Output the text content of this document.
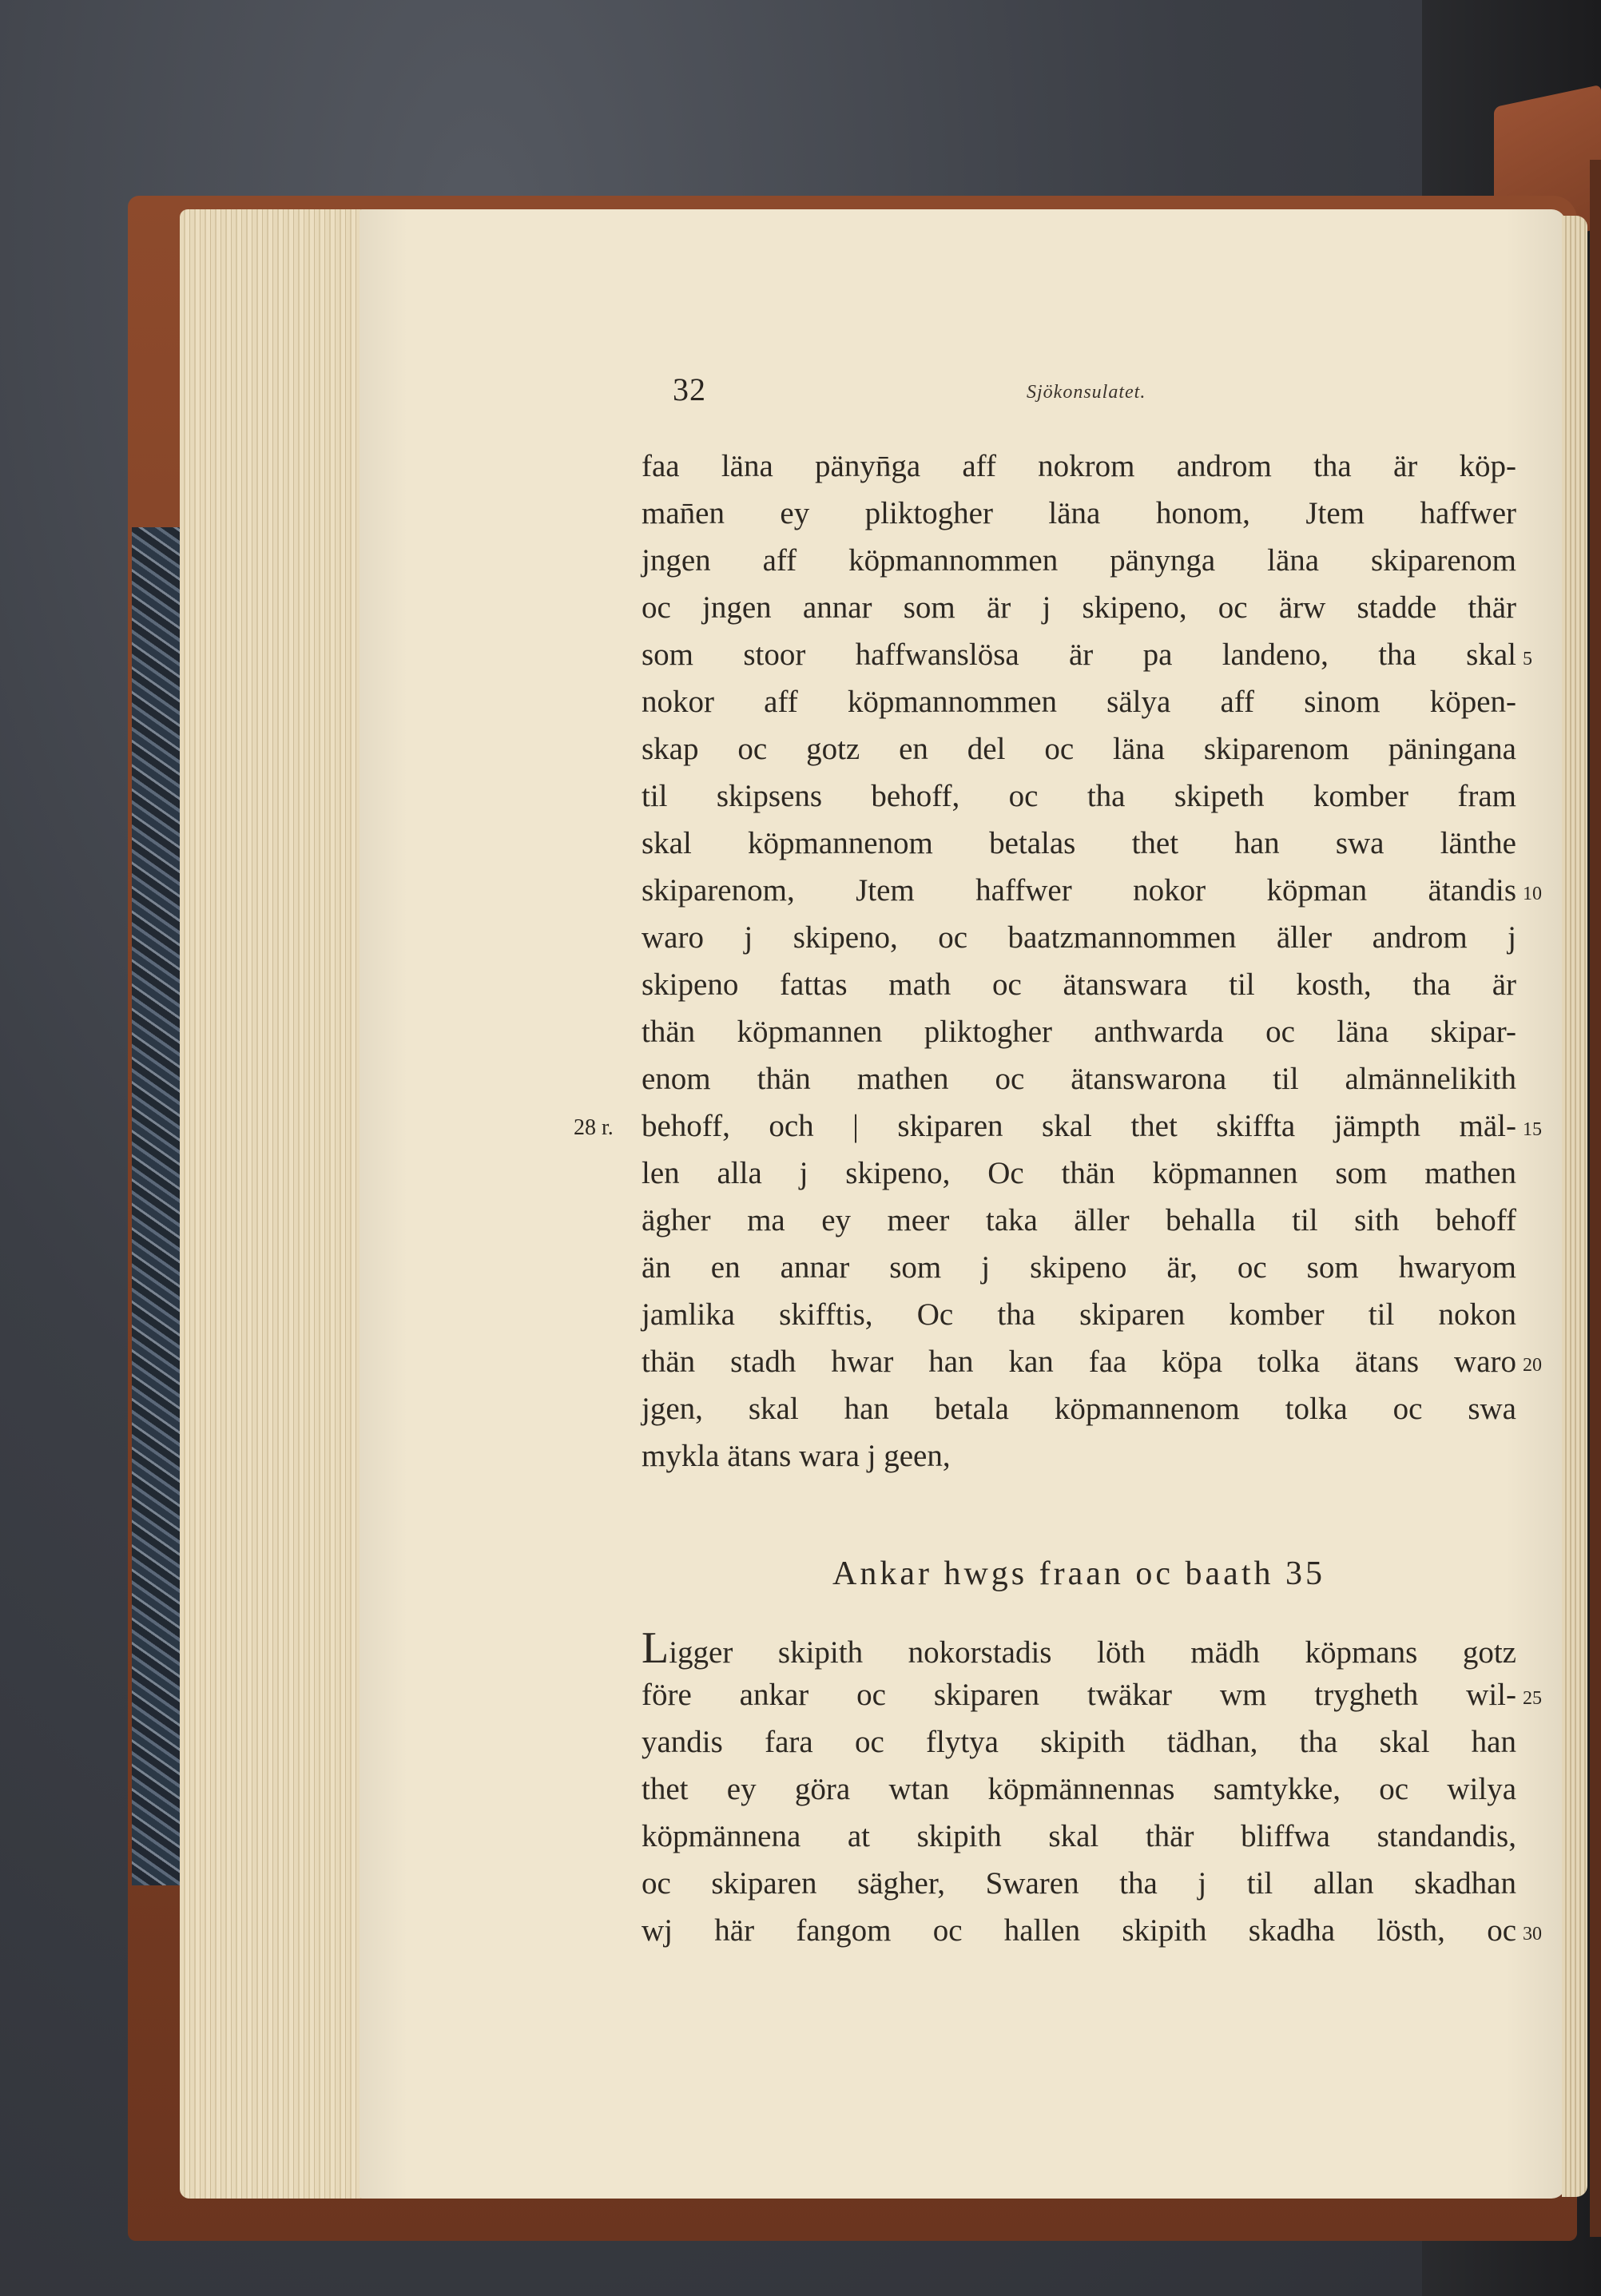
32	Sjökonsulatet.
faa läna pänyn̄ga aff nokrom androm tha är köp-
man̄en ey pliktogher läna honom, Jtem haffwer
jngen aff köpmannommen pänynga läna skiparenom
oc jngen annar som är j skipeno, oc ärw stadde thär
som stoor haffwanslösa är pa landeno, tha skal
nokor aff köpmannommen sälya aff sinom köpen-
skap oc gotz en del oc läna skiparenom päningana
til skipsens behoff, oc tha skipeth komber fram
skal köpmannenom betalas thet han swa länthe
skiparenom, Jtem haffwer nokor köpman ätandis
waro j skipeno, oc baatzmannommen äller androm j
skipeno fattas math oc ätanswara til kosth, tha är
thän köpmannen pliktogher anthwarda oc läna skipar-
enom thän mathen oc ätanswarona til almännelikith
behoff, och | skiparen skal thet skiffta jämpth mäl-
len alla j skipeno, Oc thän köpmannen som mathen
ägher ma ey meer taka äller behalla til sith behoff
än en annar som j skipeno är, oc som hwaryom
jamlika skifftis, Oc tha skiparen komber til nokon
thän stadh hwar han kan faa köpa tolka ätans waro
jgen, skal han betala köpmannenom tolka oc swa
mykla ätans wara j geen,
28 r.
Ankar hwgs fraan oc baath 35
Ligger skipith nokorstadis löth mädh köpmans gotz
före ankar oc skiparen twäkar wm trygheth wil-
yandis fara oc flytya skipith tädhan, tha skal han
thet ey göra wtan köpmännennas samtykke, oc wilya
köpmännena at skipith skal thär bliffwa standandis,
oc skiparen sägher, Swaren tha j til allan skadhan
wj här fangom oc hallen skipith skadha lösth, oc
5
10
15
20
25
30
